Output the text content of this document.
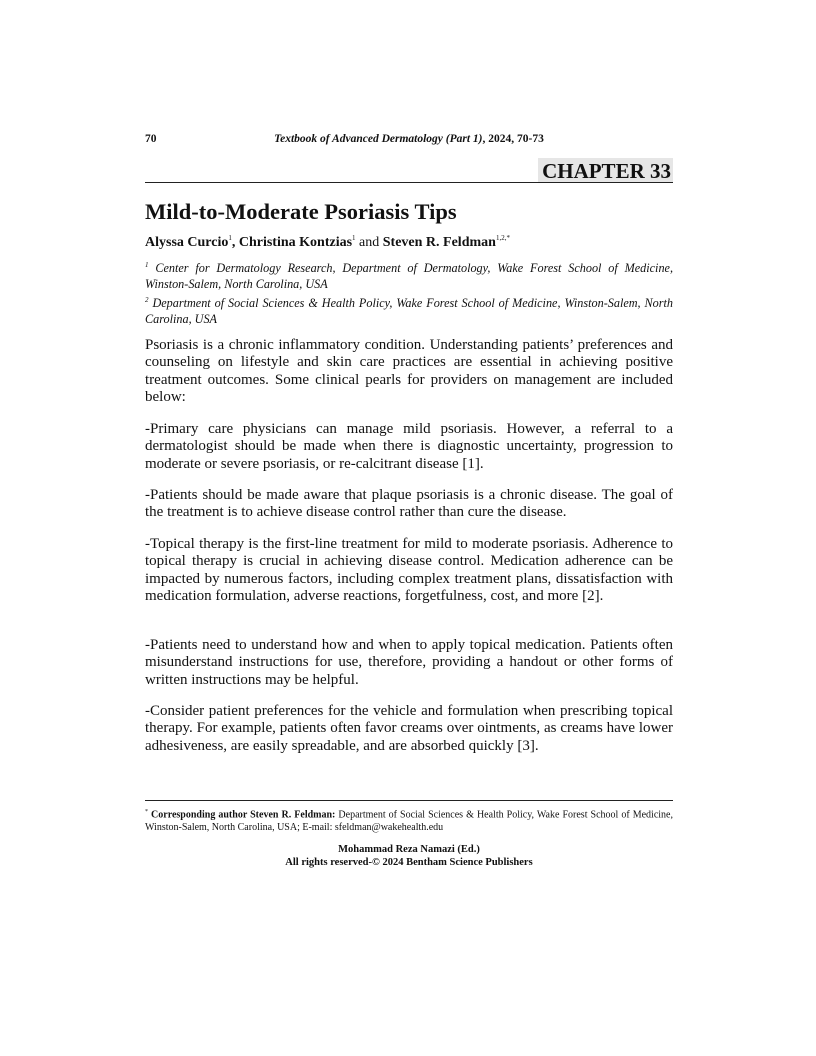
70	Textbook of Advanced Dermatology (Part 1), 2024, 70-73
CHAPTER 33
Mild-to-Moderate Psoriasis Tips
Alyssa Curcio$^1$, Christina Kontzias$^1$ and Steven R. Feldman$^{1,2,*}$
$^1$ Center for Dermatology Research, Department of Dermatology, Wake Forest School of Medicine, Winston-Salem, North Carolina, USA
$^2$ Department of Social Sciences & Health Policy, Wake Forest School of Medicine, Winston-Salem, North Carolina, USA

Psoriasis is a chronic inflammatory condition. Understanding patients’ preferences and counseling on lifestyle and skin care practices are essential in achieving positive treatment outcomes. Some clinical pearls for providers on management are included below:

-Primary care physicians can manage mild psoriasis. However, a referral to a dermatologist should be made when there is diagnostic uncertainty, progression to moderate or severe psoriasis, or re-calcitrant disease [1].

-Patients should be made aware that plaque psoriasis is a chronic disease. The goal of the treatment is to achieve disease control rather than cure the disease.

-Topical therapy is the first-line treatment for mild to moderate psoriasis. Adherence to topical therapy is crucial in achieving disease control. Medication adherence can be impacted by numerous factors, including complex treatment plans, dissatisfaction with medication formulation, adverse reactions, forgetfulness, cost, and more [2].

-Patients need to understand how and when to apply topical medication. Patients often misunderstand instructions for use, therefore, providing a handout or other forms of written instructions may be helpful.

-Consider patient preferences for the vehicle and formulation when prescribing topical therapy. For example, patients often favor creams over ointments, as creams have lower adhesiveness, are easily spreadable, and are absorbed quickly [3].

* Corresponding author Steven R. Feldman: Department of Social Sciences & Health Policy, Wake Forest School of Medicine, Winston-Salem, North Carolina, USA; E-mail: sfeldman@wakehealth.edu
Mohammad Reza Namazi (Ed.)
All rights reserved-© 2024 Bentham Science Publishers
